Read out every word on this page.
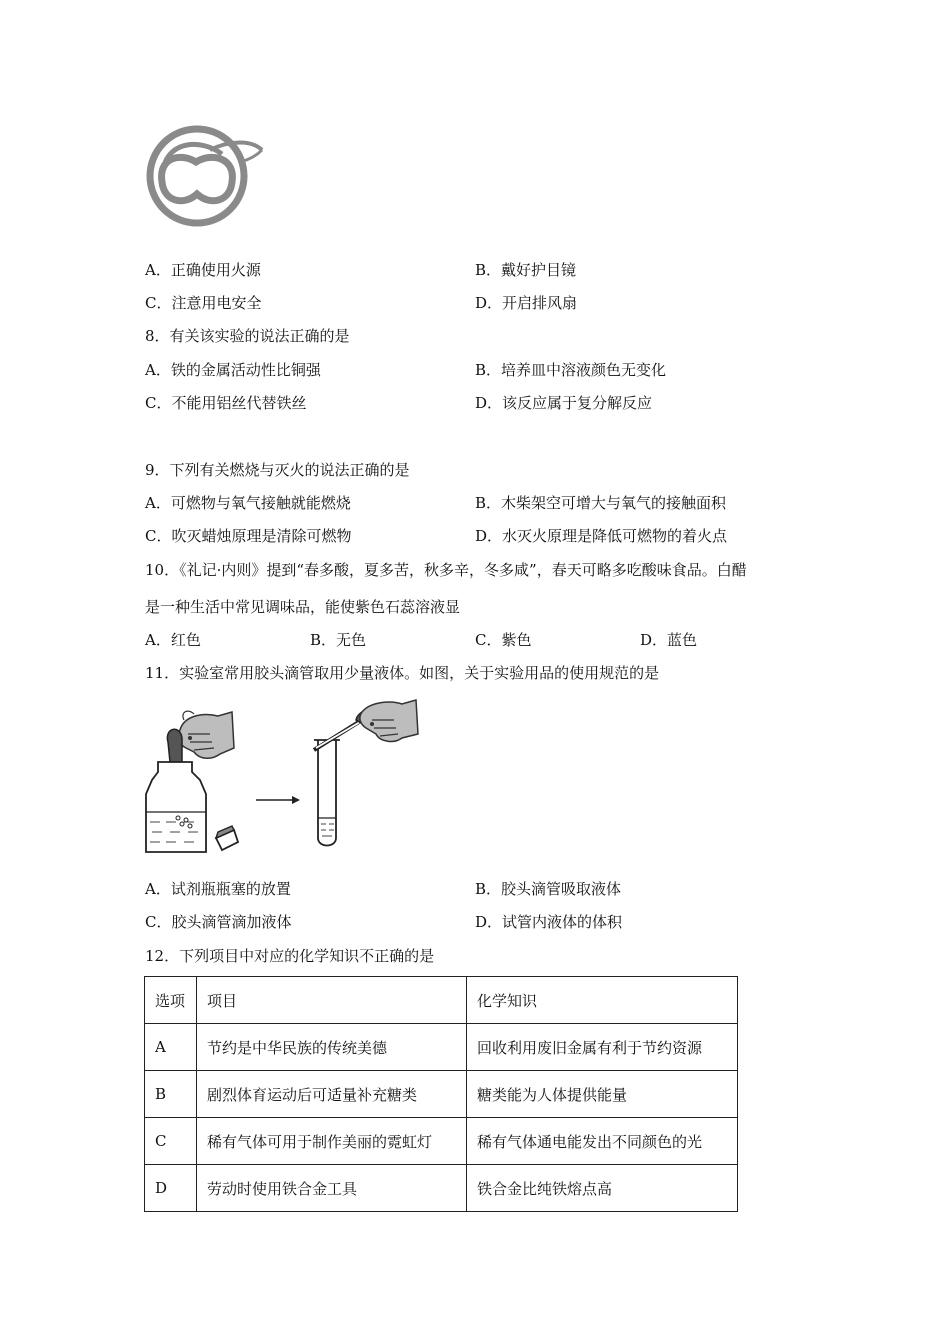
A．正确使用火源	B．戴好护目镜
C．注意用电安全	D．开启排风扇
8．有关该实验的说法正确的是
A．铁的金属活动性比铜强	B．培养皿中溶液颜色无变化
C．不能用铝丝代替铁丝	D．该反应属于复分解反应
9．下列有关燃烧与灭火的说法正确的是
A．可燃物与氧气接触就能燃烧	B．木柴架空可增大与氧气的接触面积
C．吹灭蜡烛原理是清除可燃物	D．水灭火原理是降低可燃物的着火点
10．《礼记·内则》提到“春多酸，夏多苦，秋多辛，冬多咸”，春天可略多吃酸味食品。白醋
是一种生活中常见调味品，能使紫色石蕊溶液显
A．红色	B．无色	C．紫色	D．蓝色
11．实验室常用胶头滴管取用少量液体。如图，关于实验用品的使用规范的是
A．试剂瓶瓶塞的放置	B．胶头滴管吸取液体
C．胶头滴管滴加液体	D．试管内液体的体积
12．下列项目中对应的化学知识不正确的是
选项	项目	化学知识
A	节约是中华民族的传统美德	回收利用废旧金属有利于节约资源
B	剧烈体育运动后可适量补充糖类	糖类能为人体提供能量
C	稀有气体可用于制作美丽的霓虹灯	稀有气体通电能发出不同颜色的光
D	劳动时使用铁合金工具	铁合金比纯铁熔点高
